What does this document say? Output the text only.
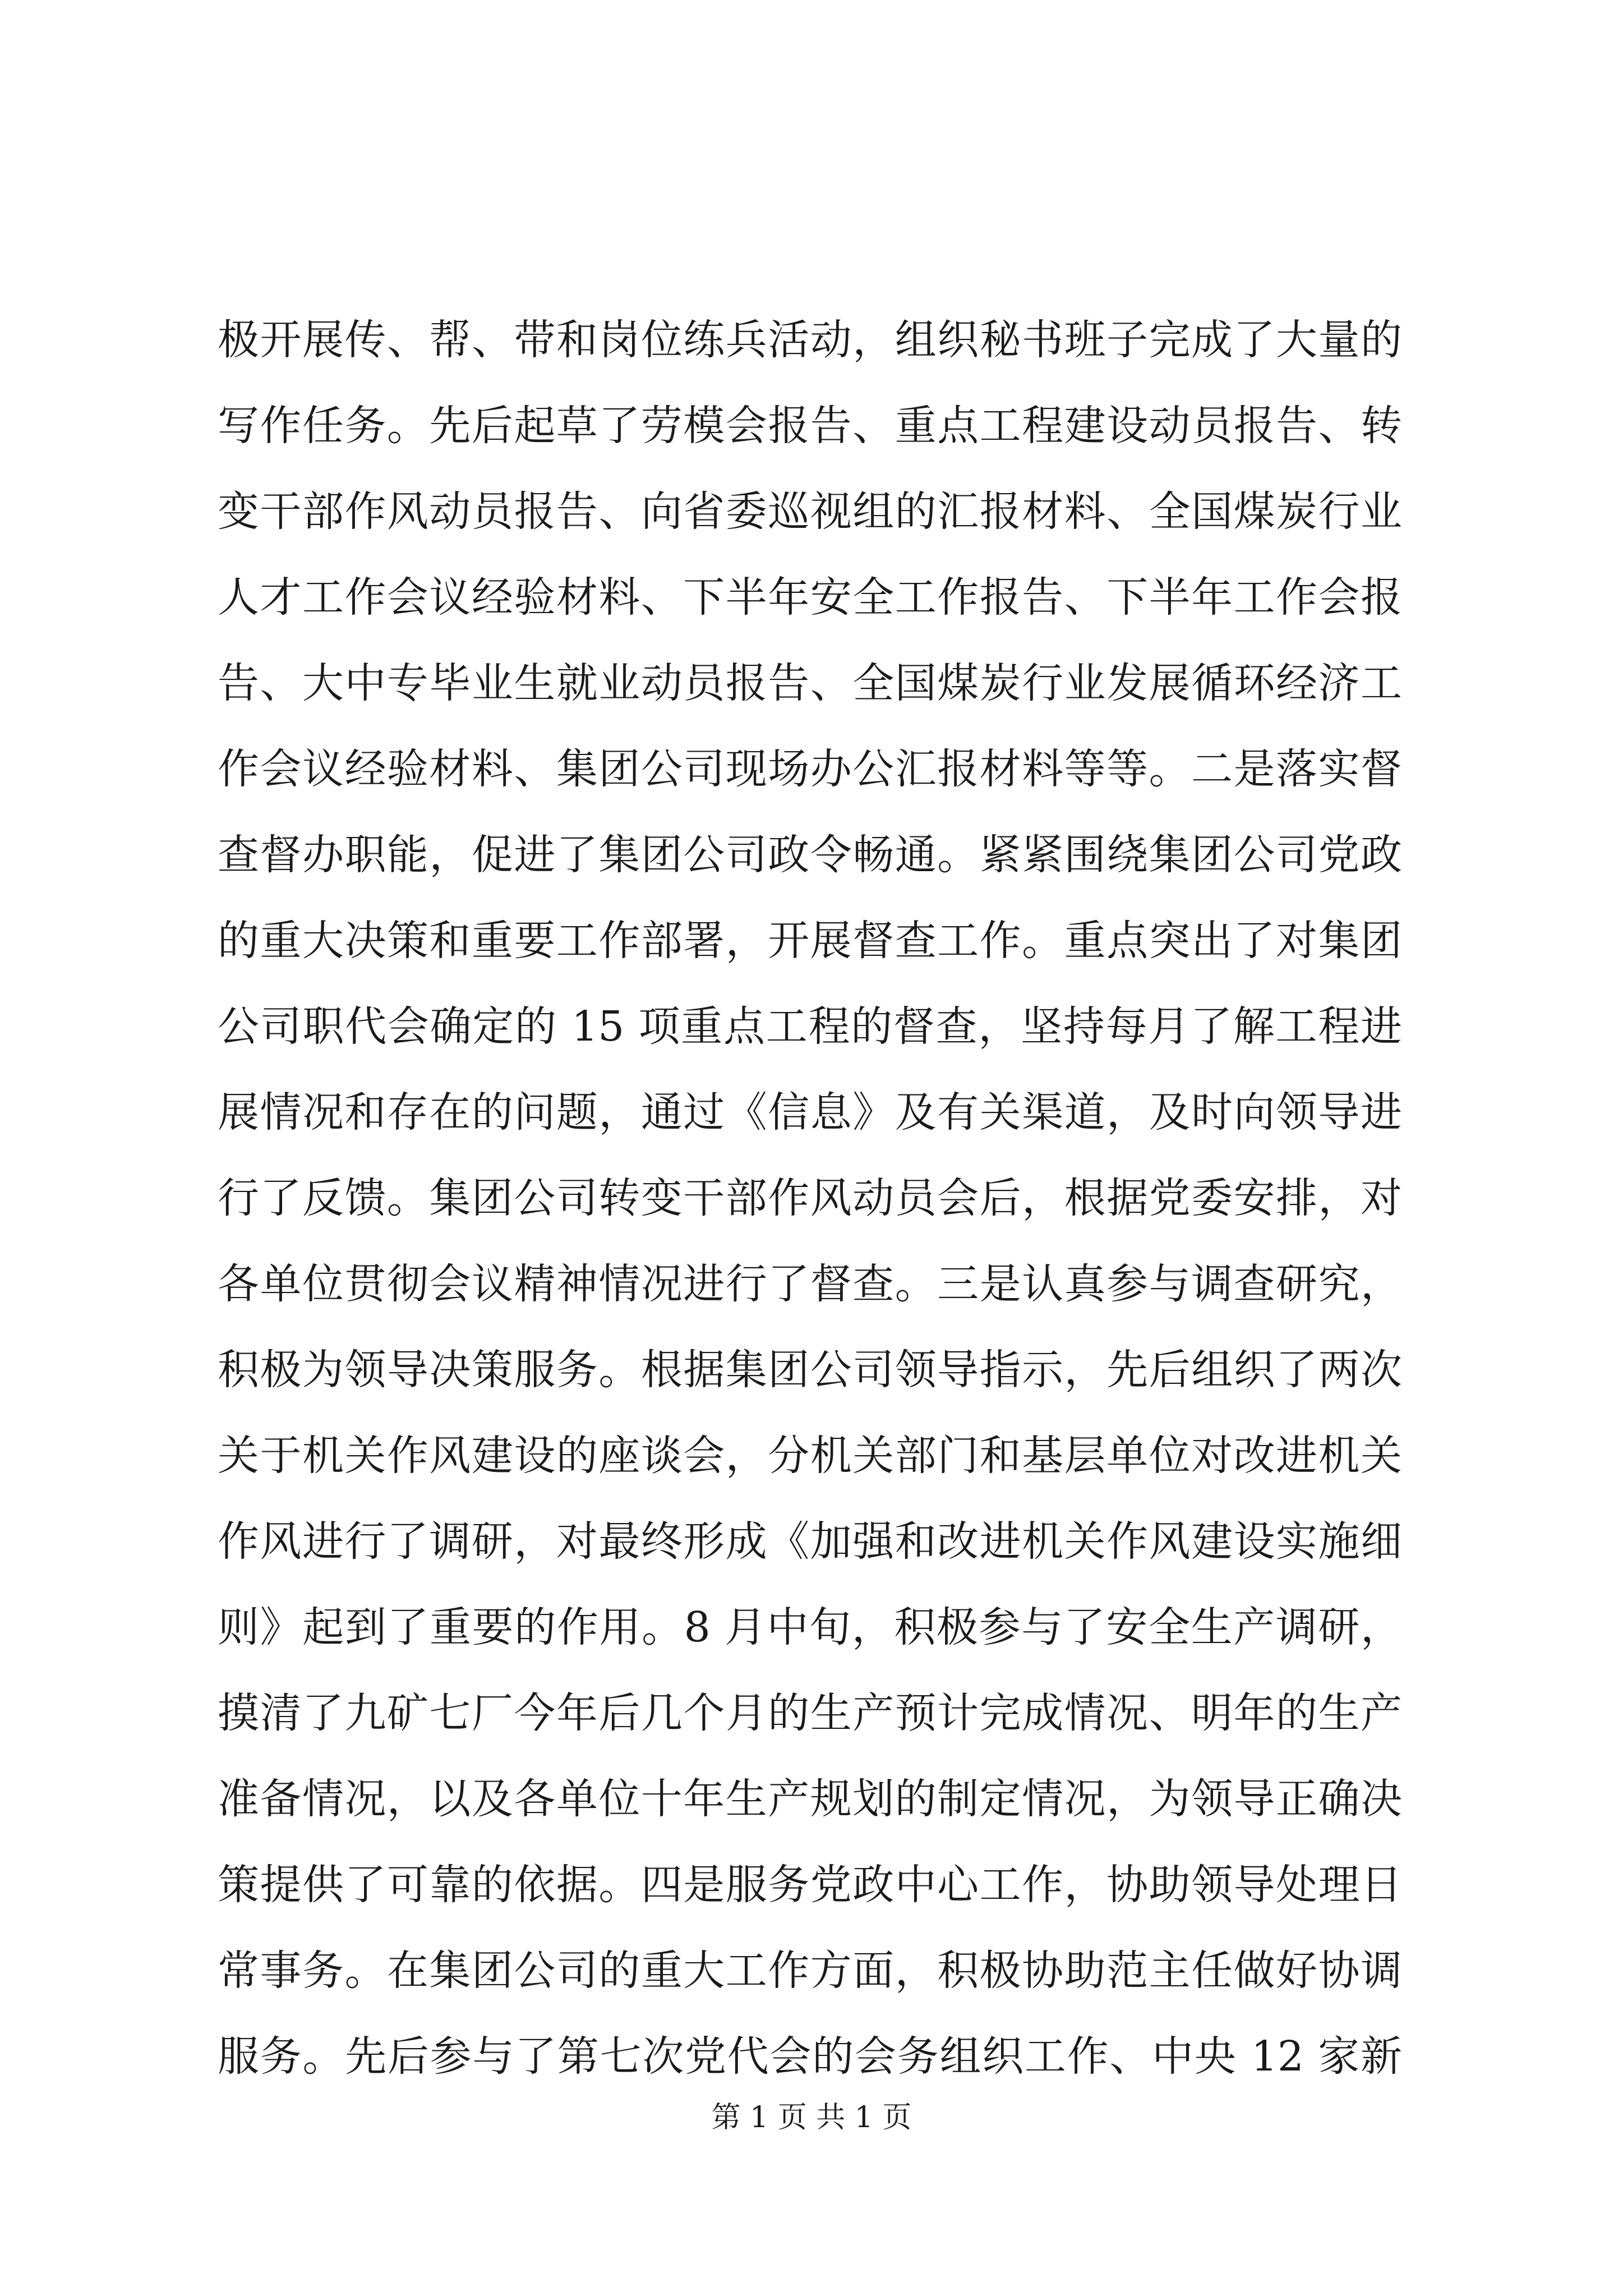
极开展传、帮、带和岗位练兵活动，组织秘书班子完成了大量的
写作任务。先后起草了劳模会报告、重点工程建设动员报告、转
变干部作风动员报告、向省委巡视组的汇报材料、全国煤炭行业
人才工作会议经验材料、下半年安全工作报告、下半年工作会报
告、大中专毕业生就业动员报告、全国煤炭行业发展循环经济工
作会议经验材料、集团公司现场办公汇报材料等等。二是落实督
查督办职能，促进了集团公司政令畅通。紧紧围绕集团公司党政
的重大决策和重要工作部署，开展督查工作。重点突出了对集团
公司职代会确定的 15 项重点工程的督查，坚持每月了解工程进
展情况和存在的问题，通过《信息》及有关渠道，及时向领导进
行了反馈。集团公司转变干部作风动员会后，根据党委安排，对
各单位贯彻会议精神情况进行了督查。三是认真参与调查研究，
积极为领导决策服务。根据集团公司领导指示，先后组织了两次
关于机关作风建设的座谈会，分机关部门和基层单位对改进机关
作风进行了调研，对最终形成《加强和改进机关作风建设实施细
则》起到了重要的作用。8 月中旬，积极参与了安全生产调研，
摸清了九矿七厂今年后几个月的生产预计完成情况、明年的生产
准备情况，以及各单位十年生产规划的制定情况，为领导正确决
策提供了可靠的依据。四是服务党政中心工作，协助领导处理日
常事务。在集团公司的重大工作方面，积极协助范主任做好协调
服务。先后参与了第七次党代会的会务组织工作、中央 12 家新
第 1 页 共 1 页
